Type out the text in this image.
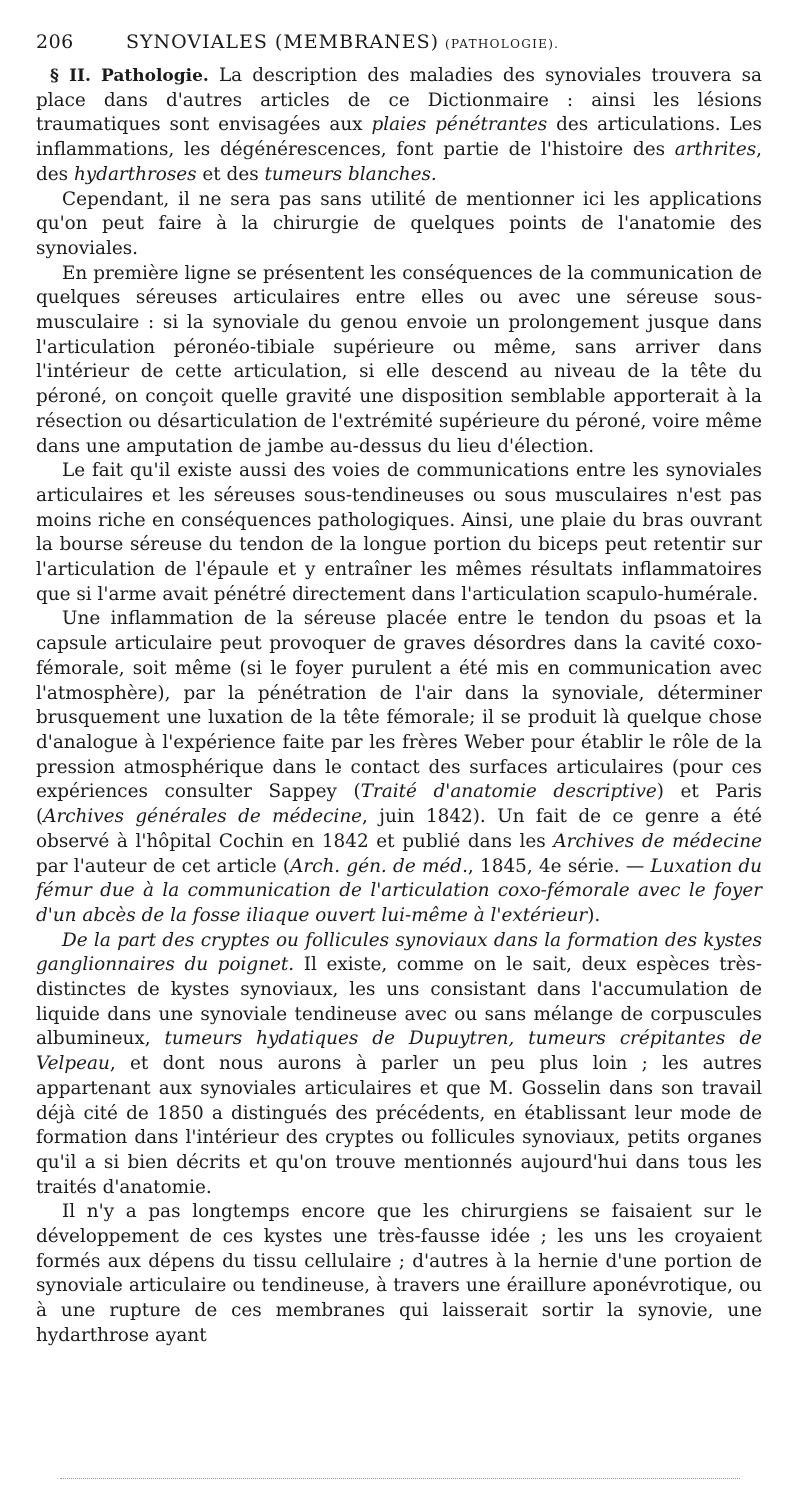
206	SYNOVIALES (MEMBRANES) (PATHOLOGIE).

§ II. Pathologie. La description des maladies des synoviales trouvera sa place dans d'autres articles de ce Dictionmaire : ainsi les lésions traumatiques sont envisagées aux plaies pénétrantes des articulations. Les inflammations, les dégénérescences, font partie de l'histoire des arthrites, des hydarthroses et des tumeurs blanches.

Cependant, il ne sera pas sans utilité de mentionner ici les applications qu'on peut faire à la chirurgie de quelques points de l'anatomie des synoviales.

En première ligne se présentent les conséquences de la communication de quelques séreuses articulaires entre elles ou avec une séreuse sous-musculaire : si la synoviale du genou envoie un prolongement jusque dans l'articulation péronéo-tibiale supérieure ou même, sans arriver dans l'intérieur de cette articulation, si elle descend au niveau de la tête du péroné, on conçoit quelle gravité une disposition semblable apporterait à la résection ou désarticulation de l'extrémité supérieure du péroné, voire même dans une amputation de jambe au-dessus du lieu d'élection.

Le fait qu'il existe aussi des voies de communications entre les synoviales articulaires et les séreuses sous-tendineuses ou sous musculaires n'est pas moins riche en conséquences pathologiques. Ainsi, une plaie du bras ouvrant la bourse séreuse du tendon de la longue portion du biceps peut retentir sur l'articulation de l'épaule et y entraîner les mêmes résultats inflammatoires que si l'arme avait pénétré directement dans l'articulation scapulo-humérale.

Une inflammation de la séreuse placée entre le tendon du psoas et la capsule articulaire peut provoquer de graves désordres dans la cavité coxo-fémorale, soit même (si le foyer purulent a été mis en communication avec l'atmosphère), par la pénétration de l'air dans la synoviale, déterminer brusquement une luxation de la tête fémorale; il se produit là quelque chose d'analogue à l'expérience faite par les frères Weber pour établir le rôle de la pression atmosphérique dans le contact des surfaces articulaires (pour ces expériences consulter Sappey (Traité d'anatomie descriptive) et Paris (Archives générales de médecine, juin 1842). Un fait de ce genre a été observé à l'hôpital Cochin en 1842 et publié dans les Archives de médecine par l'auteur de cet article (Arch. gén. de méd., 1845, 4e série. — Luxation du fémur due à la communication de l'articulation coxo-fémorale avec le foyer d'un abcès de la fosse iliaque ouvert lui-même à l'extérieur).

De la part des cryptes ou follicules synoviaux dans la formation des kystes ganglionnaires du poignet. Il existe, comme on le sait, deux espèces très-distinctes de kystes synoviaux, les uns consistant dans l'accumulation de liquide dans une synoviale tendineuse avec ou sans mélange de corpuscules albumineux, tumeurs hydatiques de Dupuytren, tumeurs crépitantes de Velpeau, et dont nous aurons à parler un peu plus loin ; les autres appartenant aux synoviales articulaires et que M. Gosselin dans son travail déjà cité de 1850 a distingués des précédents, en établissant leur mode de formation dans l'intérieur des cryptes ou follicules synoviaux, petits organes qu'il a si bien décrits et qu'on trouve mentionnés aujourd'hui dans tous les traités d'anatomie.

Il n'y a pas longtemps encore que les chirurgiens se faisaient sur le développement de ces kystes une très-fausse idée ; les uns les croyaient formés aux dépens du tissu cellulaire ; d'autres à la hernie d'une portion de synoviale articulaire ou tendineuse, à travers une éraillure aponévrotique, ou à une rupture de ces membranes qui laisserait sortir la synovie, une hydarthrose ayant
